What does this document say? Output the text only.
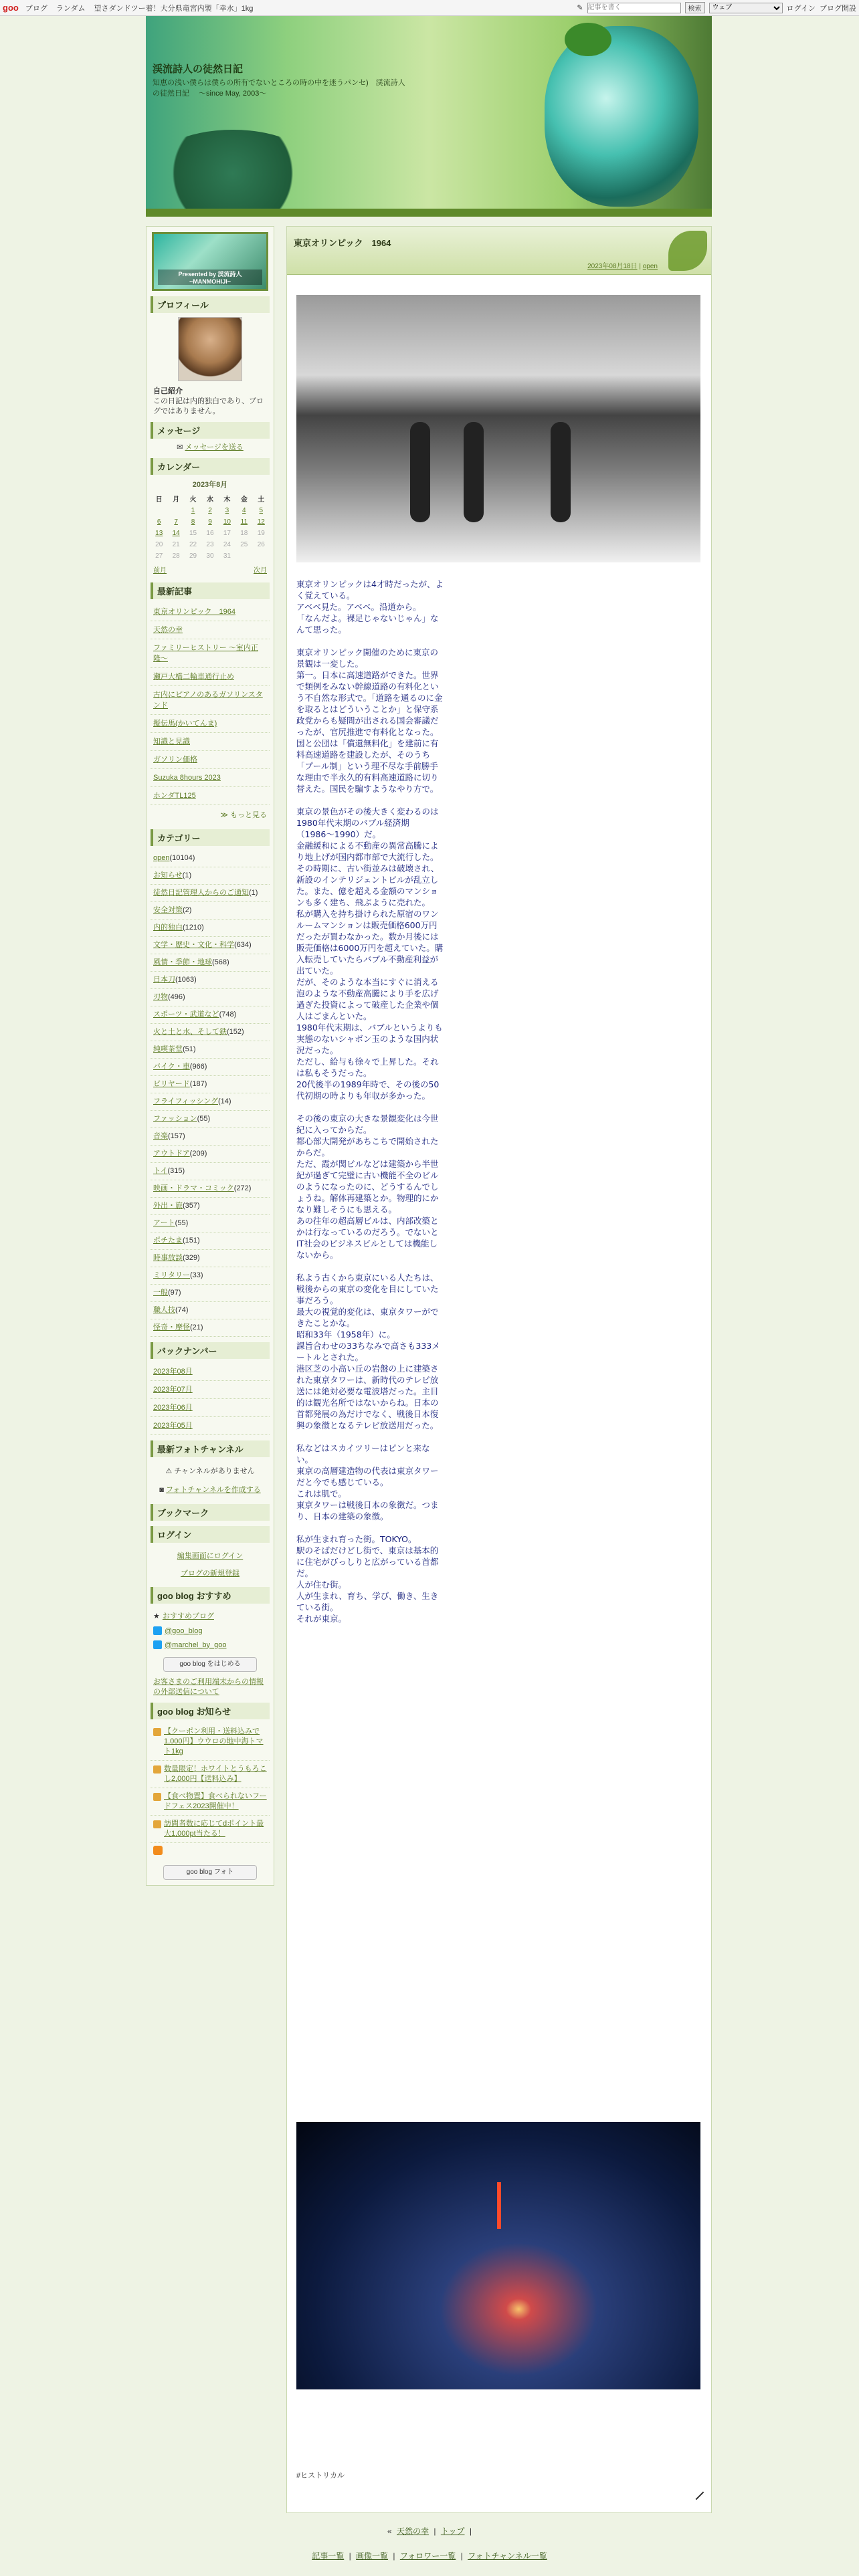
goo ブログ ランダム 望さダンドツー着！大分県竜宮内製「幸水」1kg	✎
記事を書く	検索
ウェブ	ログイン ブログ開設
渓流詩人の徒然日記
知恵の浅い僕らは僕らの所有でないところの時の中を迷うパンセ)　渓流詩人の徒然日記　 〜since May, 2003〜
Presented by 渓流詩人 ~MANMOHIJI~
プロフィール
自己紹介
この日記は内的独白であり、ブログではありません。
メッセージ
✉ メッセージを送る
カレンダー
2023年8月
日	月	火	水	木	金	土
		1	2	3	4	5
6	7	8	9	10	11	12
13	14	15	16	17	18	19
20	21	22	23	24	25	26
27	28	29	30	31		
前月	次月
最新記事
東京オリンピック　1964
天然の幸
ファミリーヒストリー 〜室内正隆〜
瀬戸大橋二輪車通行止め
古内にピアノのあるガソリンスタンド
擬伝馬(かいてんま)
知識と見識
ガソリン価格
Suzuka 8hours 2023
ホンダTL125
≫ もっと見る
カテゴリー
open(10104)
お知らせ(1)
徒然日記管理人からのご通知(1)
安全対策(2)
内的独白(1210)
文学・歴史・文化・科学(634)
風情・季節・地球(568)
日本刀(1063)
刃物(496)
スポーツ・武道など(748)
火と土と水、そして鉄(152)
純喫茶堂(51)
バイク・車(966)
ビリヤード(187)
フライフィッシング(14)
ファッション(55)
音楽(157)
アウトドア(209)
トイ(315)
映画・ドラマ・コミック(272)
外出・旅(357)
アート(55)
ポチたま(151)
時事放談(329)
ミリタリー(33)
一般(97)
職人技(74)
怪奇・摩怪(21)
バックナンバー
2023年08月
2023年07月
2023年06月
2023年05月
最新フォトチャンネル
⚠ チャンネルがありません
◙ フォトチャンネルを作成する
ブックマーク
ログイン
編集画面にログイン
ブログの新規登録
goo blog おすすめ
★ おすすめブログ
@goo_blog
@marchel_by_goo
goo blog をはじめる
お客さまのご利用端末からの情報の外部送信について
goo blog お知らせ
【クーポン利用・送料込みで1,000円】ウウロの地中海トマト1kg
数量限定！ホワイトとうもろこし2,000円【送料込み】
【食べ物置】食べられないフードフェス2023開催中！
訪問者数に応じてdポイント最大1,000pt当たる！
goo blog フォト
東京オリンピック　1964
2023年08月18日 | open

東京オリンピックは4才時だったが、よく覚えている。
アベベ見た。アベベ。沿道から。
「なんだよ。裸足じゃないじゃん」なんて思った。

東京オリンピック開催のために東京の景観は一変した。
第一。日本に高速道路ができた。世界で類例をみない幹線道路の有料化という不自然な形式で。「道路を通るのに金を取るとはどういうことか」と保守系政党からも疑問が出される国会審議だったが、官尻推進で有料化となった。
国と公団は「償還無料化」を建前に有料高速道路を建設したが、そのうち「プール制」という理不尽な手前勝手な理由で半永久的有料高速道路に切り替えた。国民を騙すようなやり方で。

東京の景色がその後大きく変わるのは1980年代末期のバブル経済期（1986〜1990）だ。
金融緩和による不動産の異常高騰により地上げが国内都市部で大流行した。
その時期に、古い街並みは破壊され、新設のインテリジェントビルが乱立した。また、億を超える金額のマンションも多く建ち、飛ぶように売れた。
私が購入を持ち掛けられた原宿のワンルームマンションは販売価格600万円だったが買わなかった。数か月後には販売価格は6000万円を超えていた。購入転売していたらバブル不動産利益が出ていた。
だが、そのような本当にすぐに消える泡のような不動産高騰により手を広げ過ぎた投資によって破産した企業や個人はごまんといた。
1980年代末期は、バブルというよりも実態のないシャボン玉のような国内状況だった。
ただし、給与も徐々で上昇した。それは私もそうだった。
20代後半の1989年時で、その後の50代初期の時よりも年収が多かった。

その後の東京の大きな景観変化は今世紀に入ってからだ。
都心部大開発があちこちで開始されたからだ。
ただ、霞が関ビルなどは建築から半世紀が過ぎて完璧に古い機能不全のビルのようになったのに、どうするんでしょうね。解体再建築とか。物理的にかなり難しそうにも思える。
あの往年の超高層ビルは、内部改築とかは行なっているのだろう。でないとIT社会のビジネスビルとしては機能しないから。

私よう古くから東京にいる人たちは、戦後からの東京の変化を目にしていた事だろう。
最大の視覚的変化は、東京タワーができたことかな。
昭和33年（1958年）に。
課旨合わせの33ちなみで高さも333メートルとされた。
港区芝の小高い丘の岩盤の上に建築された東京タワーは、新時代のテレビ放送には絶対必要な電波塔だった。主目的は観光名所ではないからね。日本の首都発展の為だけでなく、戦後日本復興の象徴となるテレビ放送用だった。

私などはスカイツリーはピンと来ない。
東京の高層建造物の代表は東京タワーだと今でも感じている。
これは肌で。
東京タワーは戦後日本の象徴だ。つまり、日本の建築の象徴。

私が生まれ育った街。TOKYO。
駅のそばだけどし街で、東京は基本的に住宅がびっしりと広がっている首都だ。
人が住む街。
人が生まれ、育ち、学び、働き、生きている街。
それが東京。

#ヒストリカル
« 天然の幸 | トップ |
記事一覧 | 画像一覧 | フォロワー一覧 | フォトチャンネル一覧
